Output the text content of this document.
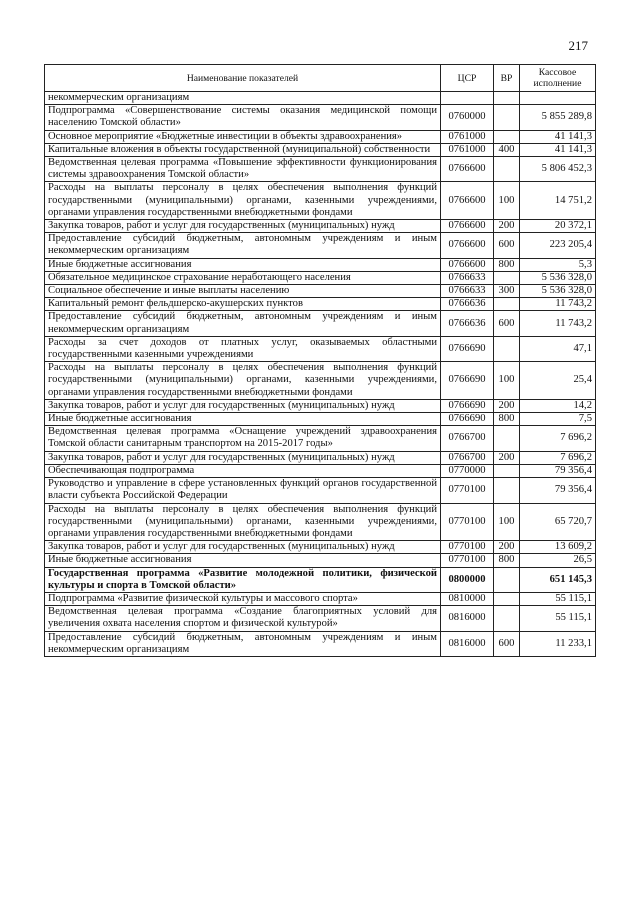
217
Наименование показателей	ЦСР	ВР	Кассовое исполнение
некоммерческим организациям			
Подпрограмма «Совершенствование системы оказания медицинской помощи населению Томской области»	0760000		5 855 289,8
Основное мероприятие «Бюджетные инвестиции в объекты здравоохранения»	0761000		41 141,3
Капитальные вложения в объекты государственной (муниципальной) собственности	0761000	400	41 141,3
Ведомственная целевая программа «Повышение эффективности функционирования системы здравоохранения Томской области»	0766600		5 806 452,3
Расходы на выплаты персоналу в целях обеспечения выполнения функций государственными (муниципальными) органами, казенными учреждениями, органами управления государственными внебюджетными фондами	0766600	100	14 751,2
Закупка товаров, работ и услуг для государственных (муниципальных) нужд	0766600	200	20 372,1
Предоставление субсидий бюджетным, автономным учреждениям и иным некоммерческим организациям	0766600	600	223 205,4
Иные бюджетные ассигнования	0766600	800	5,3
Обязательное медицинское страхование неработающего населения	0766633		5 536 328,0
Социальное обеспечение и иные выплаты населению	0766633	300	5 536 328,0
Капитальный ремонт фельдшерско-акушерских пунктов	0766636		11 743,2
Предоставление субсидий бюджетным, автономным учреждениям и иным некоммерческим организациям	0766636	600	11 743,2
Расходы за счет доходов от платных услуг, оказываемых областными государственными казенными учреждениями	0766690		47,1
Расходы на выплаты персоналу в целях обеспечения выполнения функций государственными (муниципальными) органами, казенными учреждениями, органами управления государственными внебюджетными фондами	0766690	100	25,4
Закупка товаров, работ и услуг для государственных (муниципальных) нужд	0766690	200	14,2
Иные бюджетные ассигнования	0766690	800	7,5
Ведомственная целевая программа «Оснащение учреждений здравоохранения Томской области санитарным транспортом на 2015-2017 годы»	0766700		7 696,2
Закупка товаров, работ и услуг для государственных (муниципальных) нужд	0766700	200	7 696,2
Обеспечивающая подпрограмма	0770000		79 356,4
Руководство и управление в сфере установленных функций органов государственной власти субъекта Российской Федерации	0770100		79 356,4
Расходы на выплаты персоналу в целях обеспечения выполнения функций государственными (муниципальными) органами, казенными учреждениями, органами управления государственными внебюджетными фондами	0770100	100	65 720,7
Закупка товаров, работ и услуг для государственных (муниципальных) нужд	0770100	200	13 609,2
Иные бюджетные ассигнования	0770100	800	26,5
Государственная программа «Развитие молодежной политики, физической культуры и спорта в Томской области»	0800000		651 145,3
Подпрограмма «Развитие физической культуры и массового спорта»	0810000		55 115,1
Ведомственная целевая программа «Создание благоприятных условий для увеличения охвата населения спортом и физической культурой»	0816000		55 115,1
Предоставление субсидий бюджетным, автономным учреждениям и иным некоммерческим организациям	0816000	600	11 233,1
